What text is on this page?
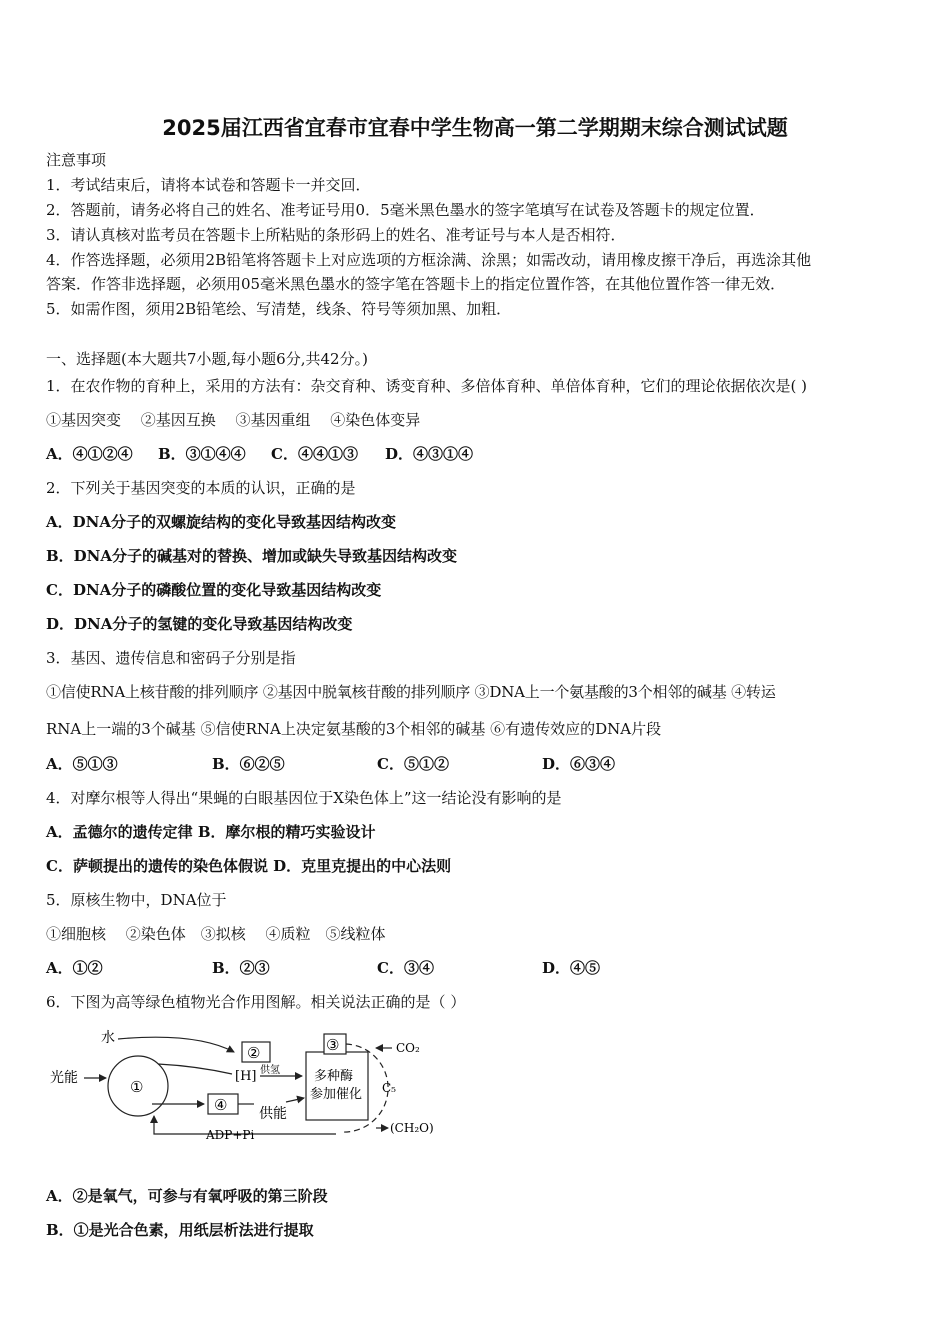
2025届江西省宜春市宜春中学生物高一第二学期期末综合测试试题
注意事项
1．考试结束后，请将本试卷和答题卡一并交回．
2．答题前，请务必将自己的姓名、准考证号用0．5毫米黑色墨水的签字笔填写在试卷及答题卡的规定位置．
3．请认真核对监考员在答题卡上所粘贴的条形码上的姓名、准考证号与本人是否相符．
4．作答选择题，必须用2B铅笔将答题卡上对应选项的方框涂满、涂黑；如需改动，请用橡皮擦干净后，再选涂其他
答案．作答非选择题，必须用05毫米黑色墨水的签字笔在答题卡上的指定位置作答，在其他位置作答一律无效．
5．如需作图，须用2B铅笔绘、写清楚，线条、符号等须加黑、加粗．
一、选择题(本大题共7小题,每小题6分,共42分。)
1．在农作物的育种上，采用的方法有：杂交育种、诱变育种、多倍体育种、单倍体育种，它们的理论依据依次是( )
①基因突变　 ②基因互换　 ③基因重组　 ④染色体变异
A．④①②④ B．③①④④ C．④④①③ D．④③①④
2．下列关于基因突变的本质的认识，正确的是
A．DNA分子的双螺旋结构的变化导致基因结构改变
B．DNA分子的碱基对的替换、增加或缺失导致基因结构改变
C．DNA分子的磷酸位置的变化导致基因结构改变
D．DNA分子的氢键的变化导致基因结构改变
3．基因、遗传信息和密码子分别是指
①信使RNA上核苷酸的排列顺序 ②基因中脱氧核苷酸的排列顺序 ③DNA上一个氨基酸的3个相邻的碱基 ④转运
RNA上一端的3个碱基 ⑤信使RNA上决定氨基酸的3个相邻的碱基 ⑥有遗传效应的DNA片段
A．⑤①③	B．⑥②⑤	C．⑤①②	D．⑥③④
4．对摩尔根等人得出“果蝇的白眼基因位于X染色体上”这一结论没有影响的是
A．孟德尔的遗传定律 B．摩尔根的精巧实验设计
C．萨顿提出的遗传的染色体假说 D．克里克提出的中心法则
5．原核生物中，DNA位于
①细胞核　 ②染色体　③拟核　 ④质粒　⑤线粒体
A．①②	B．②③	C．③④	D．④⑤
6．下图为高等绿色植物光合作用图解。相关说法正确的是（ ）
水
②
光能	①
[H] 供氢
④ 供能
ADP+Pi
多种酶
参加催化
③	CO₂
C₅
(CH₂O)
A．②是氧气，可参与有氧呼吸的第三阶段
B．①是光合色素，用纸层析法进行提取
